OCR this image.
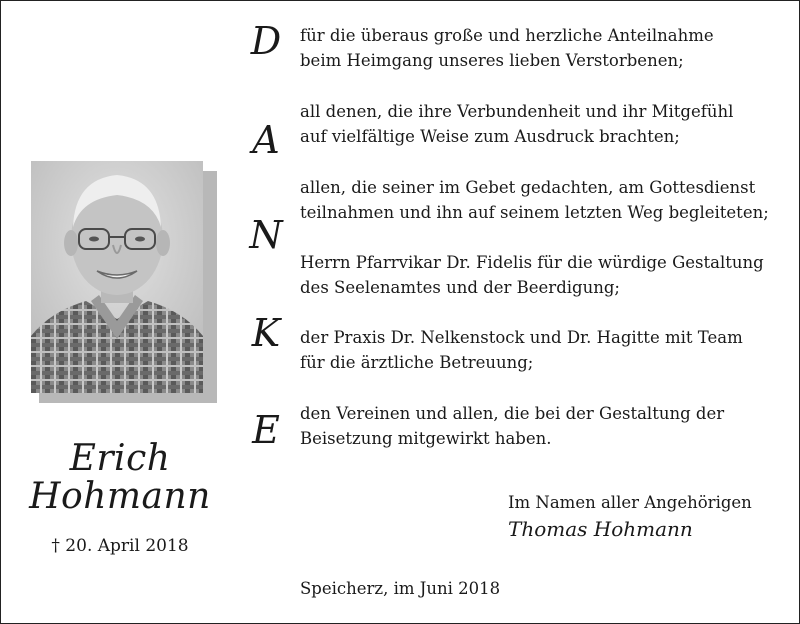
Erich
Hohmann
† 20. April 2018
D
A
N
K
E
für die überaus große und herzliche Anteilnahme
beim Heimgang unseres lieben Verstorbenen;
all denen, die ihre Verbundenheit und ihr Mitgefühl
auf vielfältige Weise zum Ausdruck brachten;
allen, die seiner im Gebet gedachten, am Gottesdienst
teilnahmen und ihn auf seinem letzten Weg begleiteten;
Herrn Pfarrvikar Dr. Fidelis für die würdige Gestaltung
des Seelenamtes und der Beerdigung;
der Praxis Dr. Nelkenstock und Dr. Hagitte mit Team
für die ärztliche Betreuung;
den Vereinen und allen, die bei der Gestaltung der
Beisetzung mitgewirkt haben.
Im Namen aller Angehörigen
Thomas Hohmann
Speicherz, im Juni 2018
